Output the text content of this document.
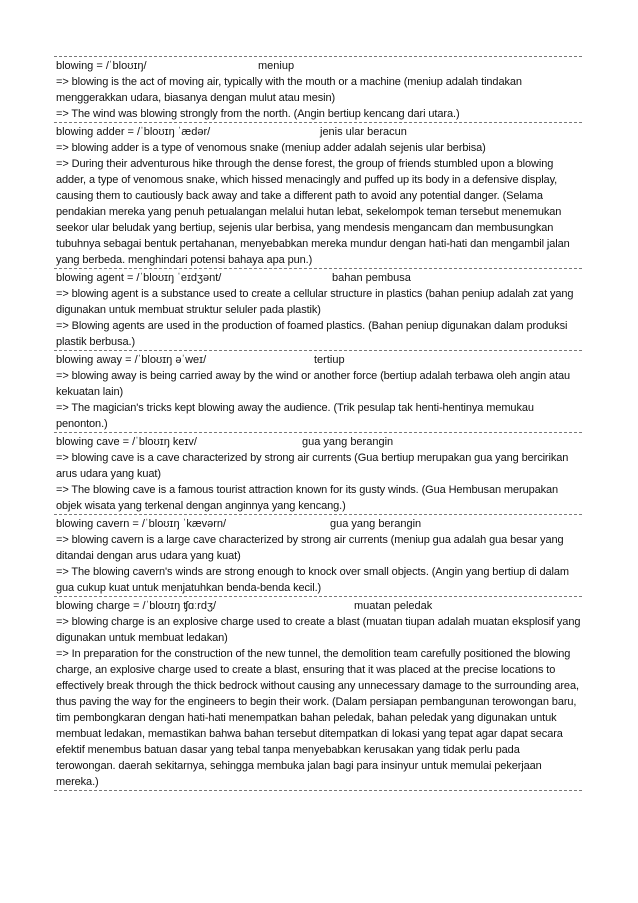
blowing = /ˈbloʊɪŋ/	meniup

=> blowing is the act of moving air, typically with the mouth or a machine (meniup adalah tindakan menggerakkan udara, biasanya dengan mulut atau mesin)

=> The wind was blowing strongly from the north. (Angin bertiup kencang dari utara.)

blowing adder = /ˈbloʊɪŋ ˈædər/	jenis ular beracun

=> blowing adder is a type of venomous snake (meniup adder adalah sejenis ular berbisa)

=> During their adventurous hike through the dense forest, the group of friends stumbled upon a blowing adder, a type of venomous snake, which hissed menacingly and puffed up its body in a defensive display, causing them to cautiously back away and take a different path to avoid any potential danger. (Selama pendakian mereka yang penuh petualangan melalui hutan lebat, sekelompok teman tersebut menemukan seekor ular beludak yang bertiup, sejenis ular berbisa, yang mendesis mengancam dan membusungkan tubuhnya sebagai bentuk pertahanan, menyebabkan mereka mundur dengan hati-hati dan mengambil jalan yang berbeda. menghindari potensi bahaya apa pun.)

blowing agent = /ˈbloʊɪŋ ˈeɪdʒənt/	bahan pembusa

=> blowing agent is a substance used to create a cellular structure in plastics (bahan peniup adalah zat yang digunakan untuk membuat struktur seluler pada plastik)

=> Blowing agents are used in the production of foamed plastics. (Bahan peniup digunakan dalam produksi plastik berbusa.)

blowing away = /ˈbloʊɪŋ əˈweɪ/	tertiup

=> blowing away is being carried away by the wind or another force (bertiup adalah terbawa oleh angin atau kekuatan lain)

=> The magician's tricks kept blowing away the audience. (Trik pesulap tak henti-hentinya memukau penonton.)

blowing cave = /ˈbloʊɪŋ keɪv/	gua yang berangin

=> blowing cave is a cave characterized by strong air currents (Gua bertiup merupakan gua yang bercirikan arus udara yang kuat)

=> The blowing cave is a famous tourist attraction known for its gusty winds. (Gua Hembusan merupakan objek wisata yang terkenal dengan anginnya yang kencang.)

blowing cavern = /ˈbloʊɪŋ ˈkævərn/	gua yang berangin

=> blowing cavern is a large cave characterized by strong air currents (meniup gua adalah gua besar yang ditandai dengan arus udara yang kuat)

=> The blowing cavern's winds are strong enough to knock over small objects. (Angin yang bertiup di dalam gua cukup kuat untuk menjatuhkan benda-benda kecil.)

blowing charge = /ˈbloʊɪŋ ʧɑːrdʒ/	muatan peledak

=> blowing charge is an explosive charge used to create a blast (muatan tiupan adalah muatan eksplosif yang digunakan untuk membuat ledakan)

=> In preparation for the construction of the new tunnel, the demolition team carefully positioned the blowing charge, an explosive charge used to create a blast, ensuring that it was placed at the precise locations to effectively break through the thick bedrock without causing any unnecessary damage to the surrounding area, thus paving the way for the engineers to begin their work. (Dalam persiapan pembangunan terowongan baru, tim pembongkaran dengan hati-hati menempatkan bahan peledak, bahan peledak yang digunakan untuk membuat ledakan, memastikan bahwa bahan tersebut ditempatkan di lokasi yang tepat agar dapat secara efektif menembus batuan dasar yang tebal tanpa menyebabkan kerusakan yang tidak perlu pada terowongan. daerah sekitarnya, sehingga membuka jalan bagi para insinyur untuk memulai pekerjaan mereka.)
